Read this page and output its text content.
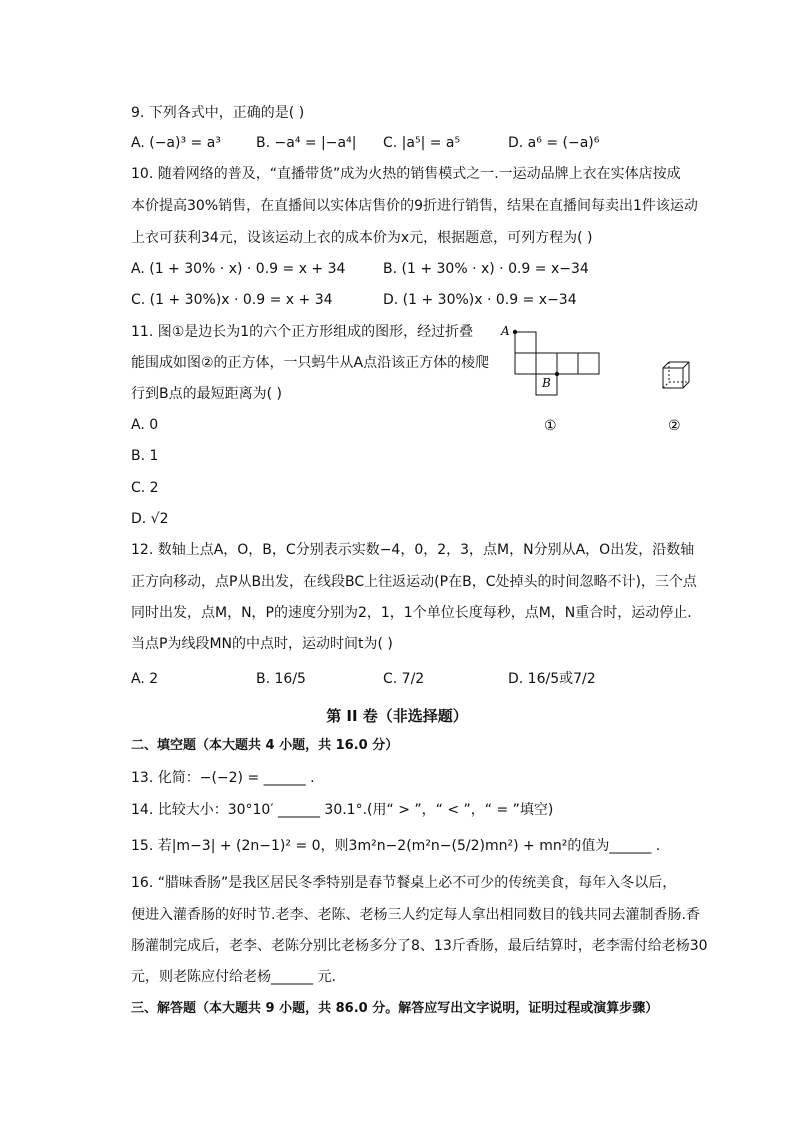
9. 下列各式中，正确的是( )
A. (−a)³ = a³	B. −a⁴ = |−a⁴| C. |a⁵| = a⁵	D. a⁶ = (−a)⁶
10. 随着网络的普及，“直播带货”成为火热的销售模式之一.一运动品牌上衣在实体店按成
本价提高30%销售，在直播间以实体店售价的9折进行销售，结果在直播间每卖出1件该运动
上衣可获利34元，设该运动上衣的成本价为x元，根据题意，可列方程为( )
A. (1 + 30% · x) · 0.9 = x + 34	B. (1 + 30% · x) · 0.9 = x−34
C. (1 + 30%)x · 0.9 = x + 34	D. (1 + 30%)x · 0.9 = x−34
11. 图①是边长为1的六个正方形组成的图形，经过折叠
能围成如图②的正方体，一只蚂牛从A点沿该正方体的棱爬
行到B点的最短距离为( )
A. 0
B. 1
C. 2
D. √2
A
B
①	②
12. 数轴上点A，O，B，C分别表示实数−4，0，2，3，点M，N分别从A，O出发，沿数轴
正方向移动，点P从B出发，在线段BC上往返运动(P在B，C处掉头的时间忽略不计)，三个点
同时出发，点M，N，P的速度分别为2，1，1个单位长度每秒，点M，N重合时，运动停止.
当点P为线段MN的中点时，运动时间t为( )
A. 2	B. 16/5	C. 7/2	D. 16/5或7/2
第 II 卷（非选择题）
二、填空题（本大题共 4 小题，共 16.0 分）
13. 化简：−(−2) = ______ .
14. 比较大小：30°10′ ______ 30.1°.(用“ > ”，“ < ”，“ = ”填空)
15. 若|m−3| + (2n−1)² = 0，则3m²n−2(m²n−(5/2)mn²) + mn²的值为______ .
16. “腊味香肠”是我区居民冬季特别是春节餐桌上必不可少的传统美食，每年入冬以后，
便进入灌香肠的好时节.老李、老陈、老杨三人约定每人拿出相同数目的钱共同去灌制香肠.香
肠灌制完成后，老李、老陈分别比老杨多分了8、13斤香肠，最后结算时，老李需付给老杨30
元，则老陈应付给老杨______ 元.
三、解答题（本大题共 9 小题，共 86.0 分。解答应写出文字说明，证明过程或演算步骤）
